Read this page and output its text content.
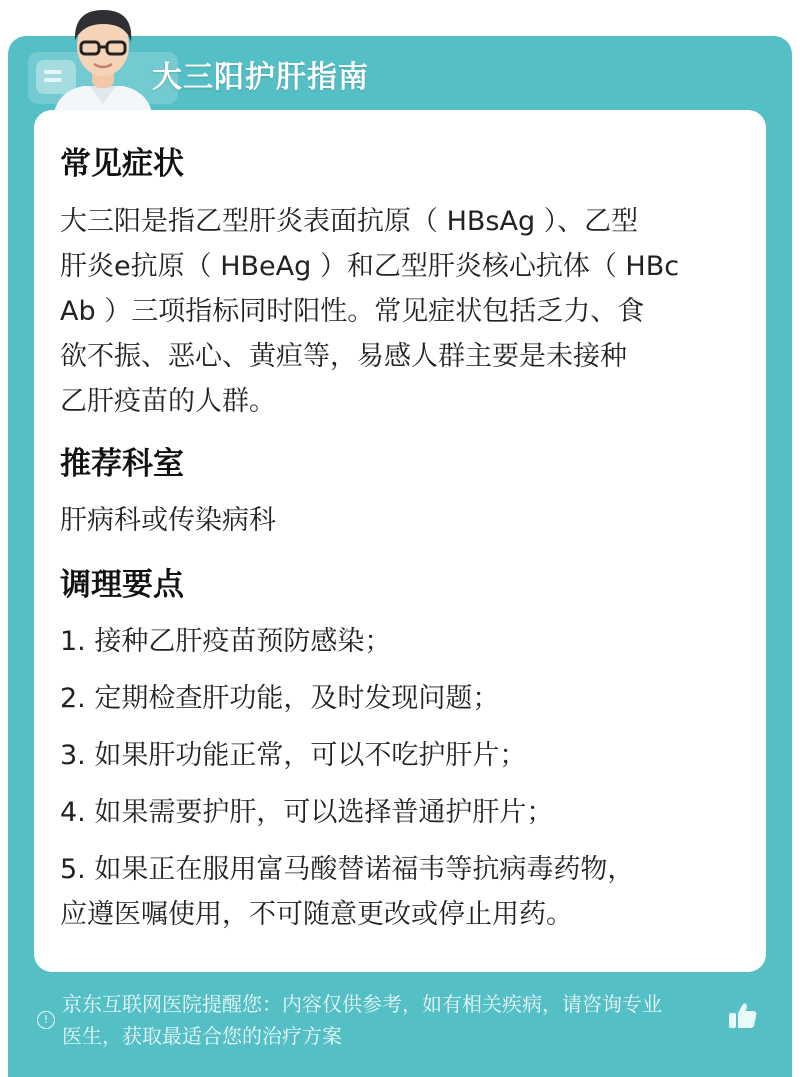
大三阳护肝指南
常见症状
大三阳是指乙型肝炎表面抗原（ HBsAg ）、乙型
肝炎e抗原（ HBeAg ）和乙型肝炎核心抗体（ HBc
Ab ）三项指标同时阳性。常见症状包括乏力、食
欲不振、恶心、黄疸等，易感人群主要是未接种
乙肝疫苗的人群。
推荐科室
肝病科或传染病科
调理要点
1. 接种乙肝疫苗预防感染；
2. 定期检查肝功能，及时发现问题；
3. 如果肝功能正常，可以不吃护肝片；
4. 如果需要护肝，可以选择普通护肝片；
5. 如果正在服用富马酸替诺福韦等抗病毒药物，
应遵医嘱使用，不可随意更改或停止用药。
!
京东互联网医院提醒您：内容仅供参考，如有相关疾病，请咨询专业
医生，获取最适合您的治疗方案
